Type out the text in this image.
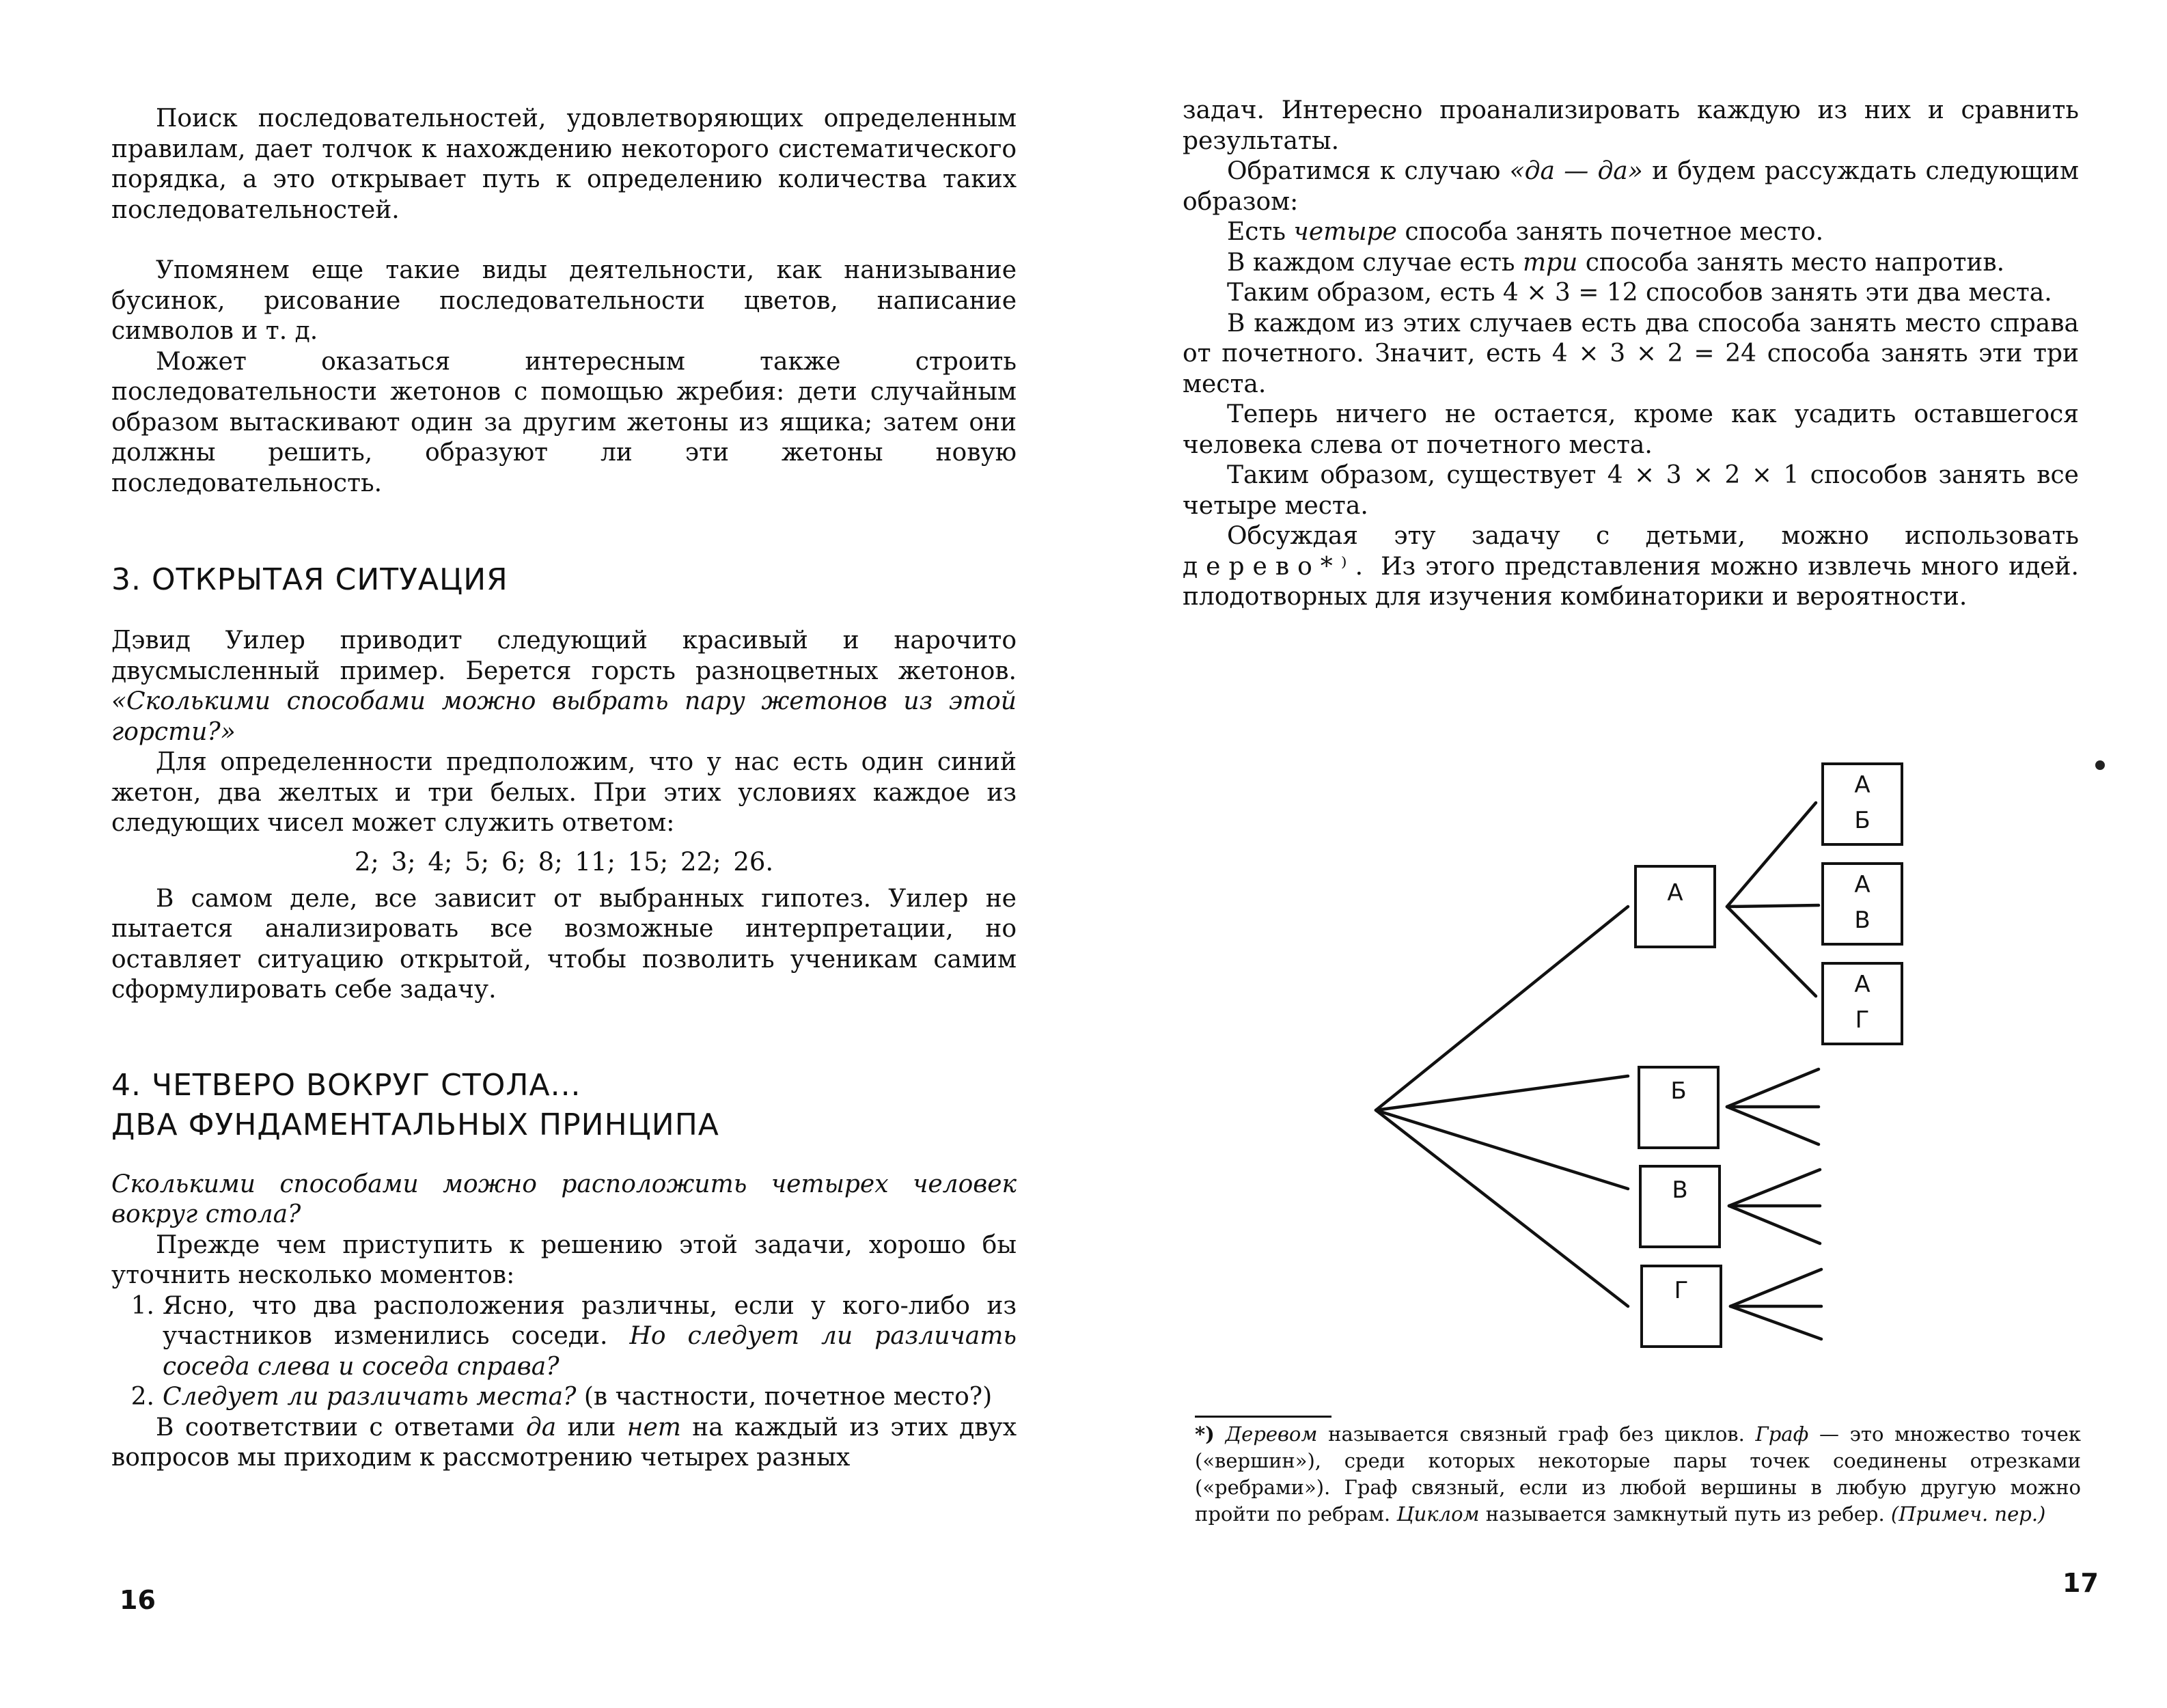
Поиск последовательностей, удовлетворяющих определенным правилам, дает толчок к нахождению некоторого систематического порядка, а это открывает путь к определению количества таких последовательностей.

Упомянем еще такие виды деятельности, как нанизывание бусинок, рисование последовательности цветов, написание символов и т. д.

Может оказаться интересным также строить последовательности жетонов с помощью жребия: дети случайным образом вытаскивают один за другим жетоны из ящика; затем они должны решить, образуют ли эти жетоны новую последовательность.

3. ОТКРЫТАЯ СИТУАЦИЯ

Дэвид Уилер приводит следующий красивый и нарочито двусмысленный пример. Берется горсть разноцветных жетонов. «Сколькими способами можно выбрать пару жетонов из этой горсти?»

Для определенности предположим, что у нас есть один синий жетон, два желтых и три белых. При этих условиях каждое из следующих чисел может служить ответом:

2; 3; 4; 5; 6; 8; 11; 15; 22; 26.

В самом деле, все зависит от выбранных гипотез. Уилер не пытается анализировать все возможные интерпретации, но оставляет ситуацию открытой, чтобы позволить ученикам самим сформулировать себе задачу.

4. ЧЕТВЕРО ВОКРУГ СТОЛА...
ДВА ФУНДАМЕНТАЛЬНЫХ ПРИНЦИПА

Сколькими способами можно расположить четырех человек вокруг стола?

Прежде чем приступить к решению этой задачи, хорошо бы уточнить несколько моментов:

1. Ясно, что два расположения различны, если у кого-либо из участников изменились соседи. Но следует ли различать соседа слева и соседа справа?
2. Следует ли различать места? (в частности, почетное место?)

В соответствии с ответами да или нет на каждый из этих двух вопросов мы приходим к рассмотрению четырех разных

16

задач. Интересно проанализировать каждую из них и сравнить результаты.

Обратимся к случаю «да — да» и будем рассуждать следующим образом:

Есть четыре способа занять почетное место.

В каждом случае есть три способа занять место напротив.

Таким образом, есть 4 × 3 = 12 способов занять эти два места.

В каждом из этих случаев есть два способа занять место справа от почетного. Значит, есть 4 × 3 × 2 = 24 способа занять эти три места.

Теперь ничего не остается, кроме как усадить оставшегося человека слева от почетного места.

Таким образом, существует 4 × 3 × 2 × 1 способов занять все четыре места.

Обсуждая эту задачу с детьми, можно использовать дерево*⁾. Из этого представления можно извлечь много идей. плодотворных для изучения комбинаторики и вероятности.

А
Б
В
Г
А
Б
А
В
А
Г

*) Деревом называется связный граф без циклов. Граф — это множество точек («вершин»), среди которых некоторые пары точек соединены отрезками («ребрами»). Граф связный, если из любой вершины в любую другую можно пройти по ребрам. Циклом называется замкнутый путь из ребер. (Примеч. пер.)

17
